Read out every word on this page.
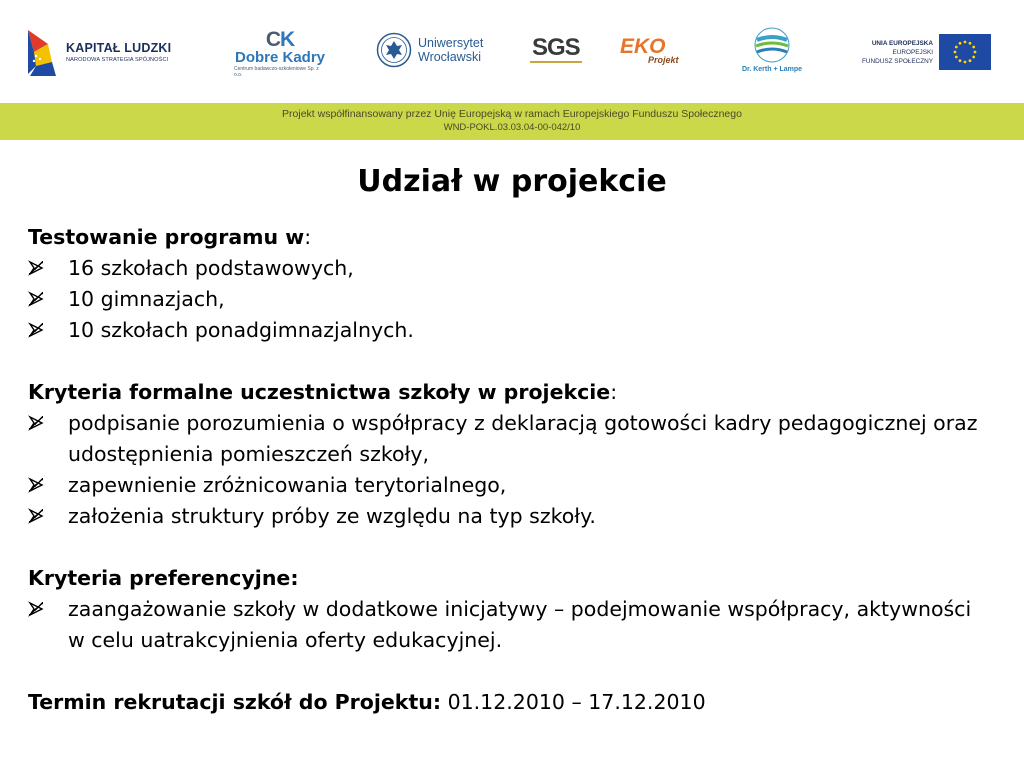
KAPITAŁ LUDZKI
NARODOWA STRATEGIA SPÓJNOŚCI
CK
Dobre Kadry
Centrum badawczo-szkoleniowe Sp. z o.o.
Uniwersytet
Wrocławski SGS EKO
Projekt
Dr. Kerth + Lampe
UNIA EUROPEJSKA
EUROPEJSKI
FUNDUSZ SPOŁECZNY
Projekt współfinansowany przez Unię Europejską w ramach Europejskiego Funduszu Społecznego
WND-POKL.03.03.04-00-042/10
Udział w projekcie
Testowanie programu w:
16 szkołach podstawowych,
10 gimnazjach,
10 szkołach ponadgimnazjalnych.
Kryteria formalne uczestnictwa szkoły w projekcie:
podpisanie porozumienia o współpracy z deklaracją gotowości kadry pedagogicznej oraz udostępnienia pomieszczeń szkoły,
zapewnienie zróżnicowania terytorialnego,
założenia struktury próby ze względu na typ szkoły.
Kryteria preferencyjne:
zaangażowanie szkoły w dodatkowe inicjatywy – podejmowanie współpracy, aktywności w celu uatrakcyjnienia oferty edukacyjnej.
Termin rekrutacji szkół do Projektu: 01.12.2010 – 17.12.2010
